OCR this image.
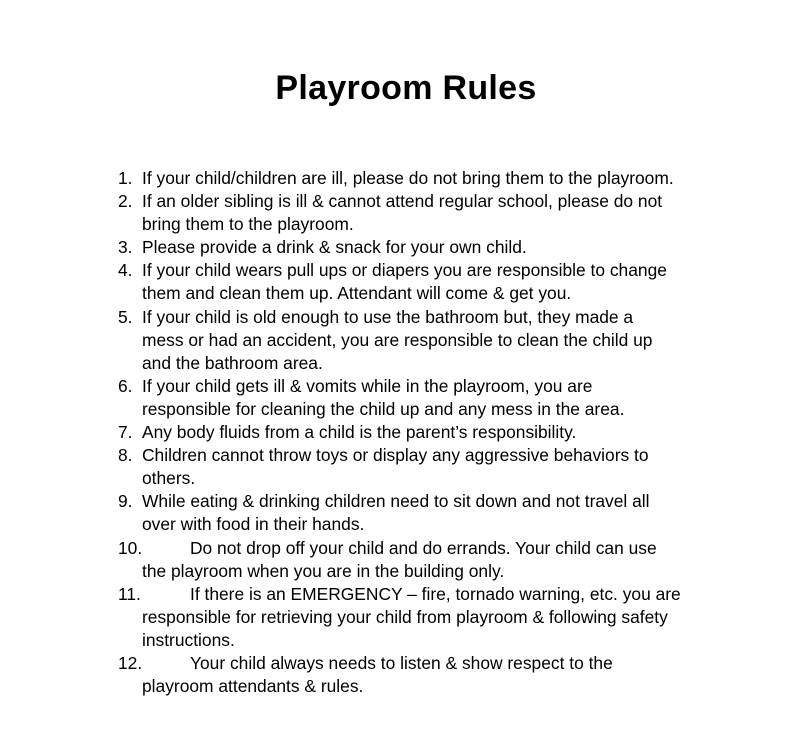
Playroom Rules
1. If your child/children are ill, please do not bring them to the playroom.
2. If an older sibling is ill & cannot attend regular school, please do not
bring them to the playroom.
3. Please provide a drink & snack for your own child.
4. If your child wears pull ups or diapers you are responsible to change
them and clean them up. Attendant will come & get you.
5. If your child is old enough to use the bathroom but, they made a
mess or had an accident, you are responsible to clean the child up
and the bathroom area.
6. If your child gets ill & vomits while in the playroom, you are
responsible for cleaning the child up and any mess in the area.
7. Any body fluids from a child is the parent’s responsibility.
8. Children cannot throw toys or display any aggressive behaviors to
others.
9. While eating & drinking children need to sit down and not travel all
over with food in their hands.
10.	Do not drop off your child and do errands. Your child can use
the playroom when you are in the building only.
11.	If there is an EMERGENCY – fire, tornado warning, etc. you are
responsible for retrieving your child from playroom & following safety
instructions.
12.	Your child always needs to listen & show respect to the
playroom attendants & rules.
